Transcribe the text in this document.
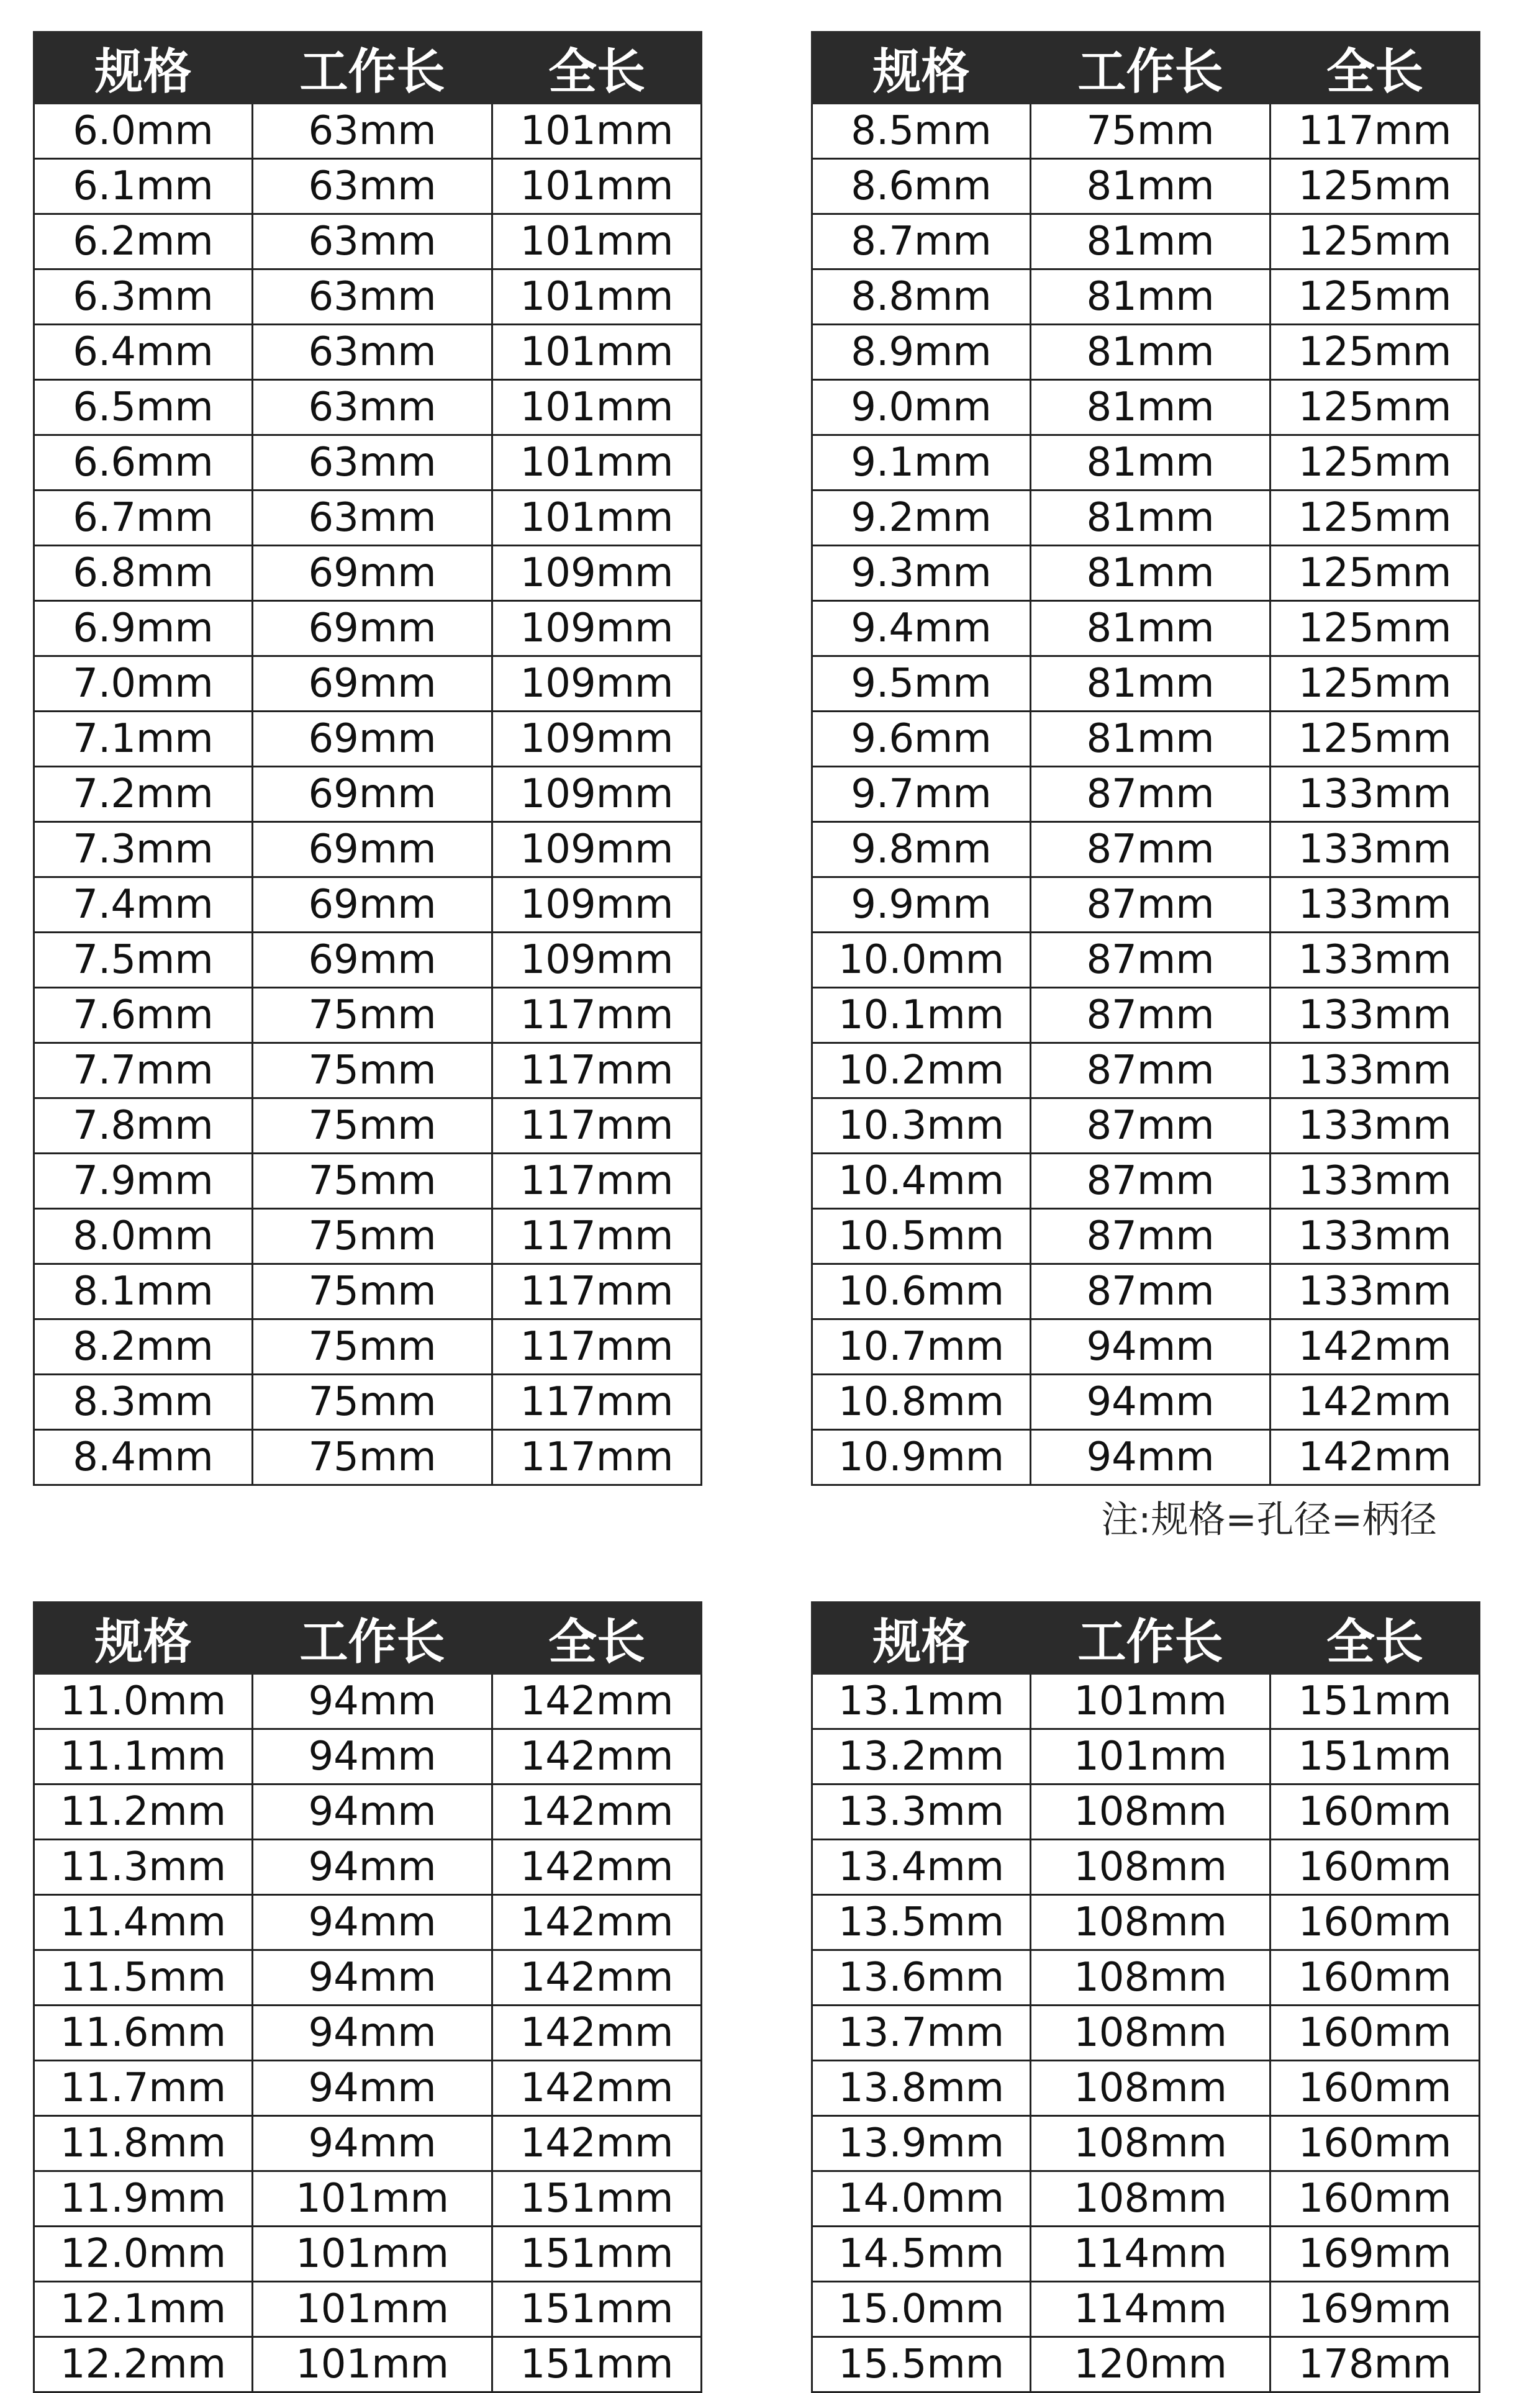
规格	工作长	全长
6.0mm	63mm	101mm
6.1mm	63mm	101mm
6.2mm	63mm	101mm
6.3mm	63mm	101mm
6.4mm	63mm	101mm
6.5mm	63mm	101mm
6.6mm	63mm	101mm
6.7mm	63mm	101mm
6.8mm	69mm	109mm
6.9mm	69mm	109mm
7.0mm	69mm	109mm
7.1mm	69mm	109mm
7.2mm	69mm	109mm
7.3mm	69mm	109mm
7.4mm	69mm	109mm
7.5mm	69mm	109mm
7.6mm	75mm	117mm
7.7mm	75mm	117mm
7.8mm	75mm	117mm
7.9mm	75mm	117mm
8.0mm	75mm	117mm
8.1mm	75mm	117mm
8.2mm	75mm	117mm
8.3mm	75mm	117mm
8.4mm	75mm	117mm
规格	工作长	全长
8.5mm	75mm	117mm
8.6mm	81mm	125mm
8.7mm	81mm	125mm
8.8mm	81mm	125mm
8.9mm	81mm	125mm
9.0mm	81mm	125mm
9.1mm	81mm	125mm
9.2mm	81mm	125mm
9.3mm	81mm	125mm
9.4mm	81mm	125mm
9.5mm	81mm	125mm
9.6mm	81mm	125mm
9.7mm	87mm	133mm
9.8mm	87mm	133mm
9.9mm	87mm	133mm
10.0mm	87mm	133mm
10.1mm	87mm	133mm
10.2mm	87mm	133mm
10.3mm	87mm	133mm
10.4mm	87mm	133mm
10.5mm	87mm	133mm
10.6mm	87mm	133mm
10.7mm	94mm	142mm
10.8mm	94mm	142mm
10.9mm	94mm	142mm
注:规格=孔径=柄径
规格	工作长	全长
11.0mm	94mm	142mm
11.1mm	94mm	142mm
11.2mm	94mm	142mm
11.3mm	94mm	142mm
11.4mm	94mm	142mm
11.5mm	94mm	142mm
11.6mm	94mm	142mm
11.7mm	94mm	142mm
11.8mm	94mm	142mm
11.9mm	101mm	151mm
12.0mm	101mm	151mm
12.1mm	101mm	151mm
12.2mm	101mm	151mm
规格	工作长	全长
13.1mm	101mm	151mm
13.2mm	101mm	151mm
13.3mm	108mm	160mm
13.4mm	108mm	160mm
13.5mm	108mm	160mm
13.6mm	108mm	160mm
13.7mm	108mm	160mm
13.8mm	108mm	160mm
13.9mm	108mm	160mm
14.0mm	108mm	160mm
14.5mm	114mm	169mm
15.0mm	114mm	169mm
15.5mm	120mm	178mm
